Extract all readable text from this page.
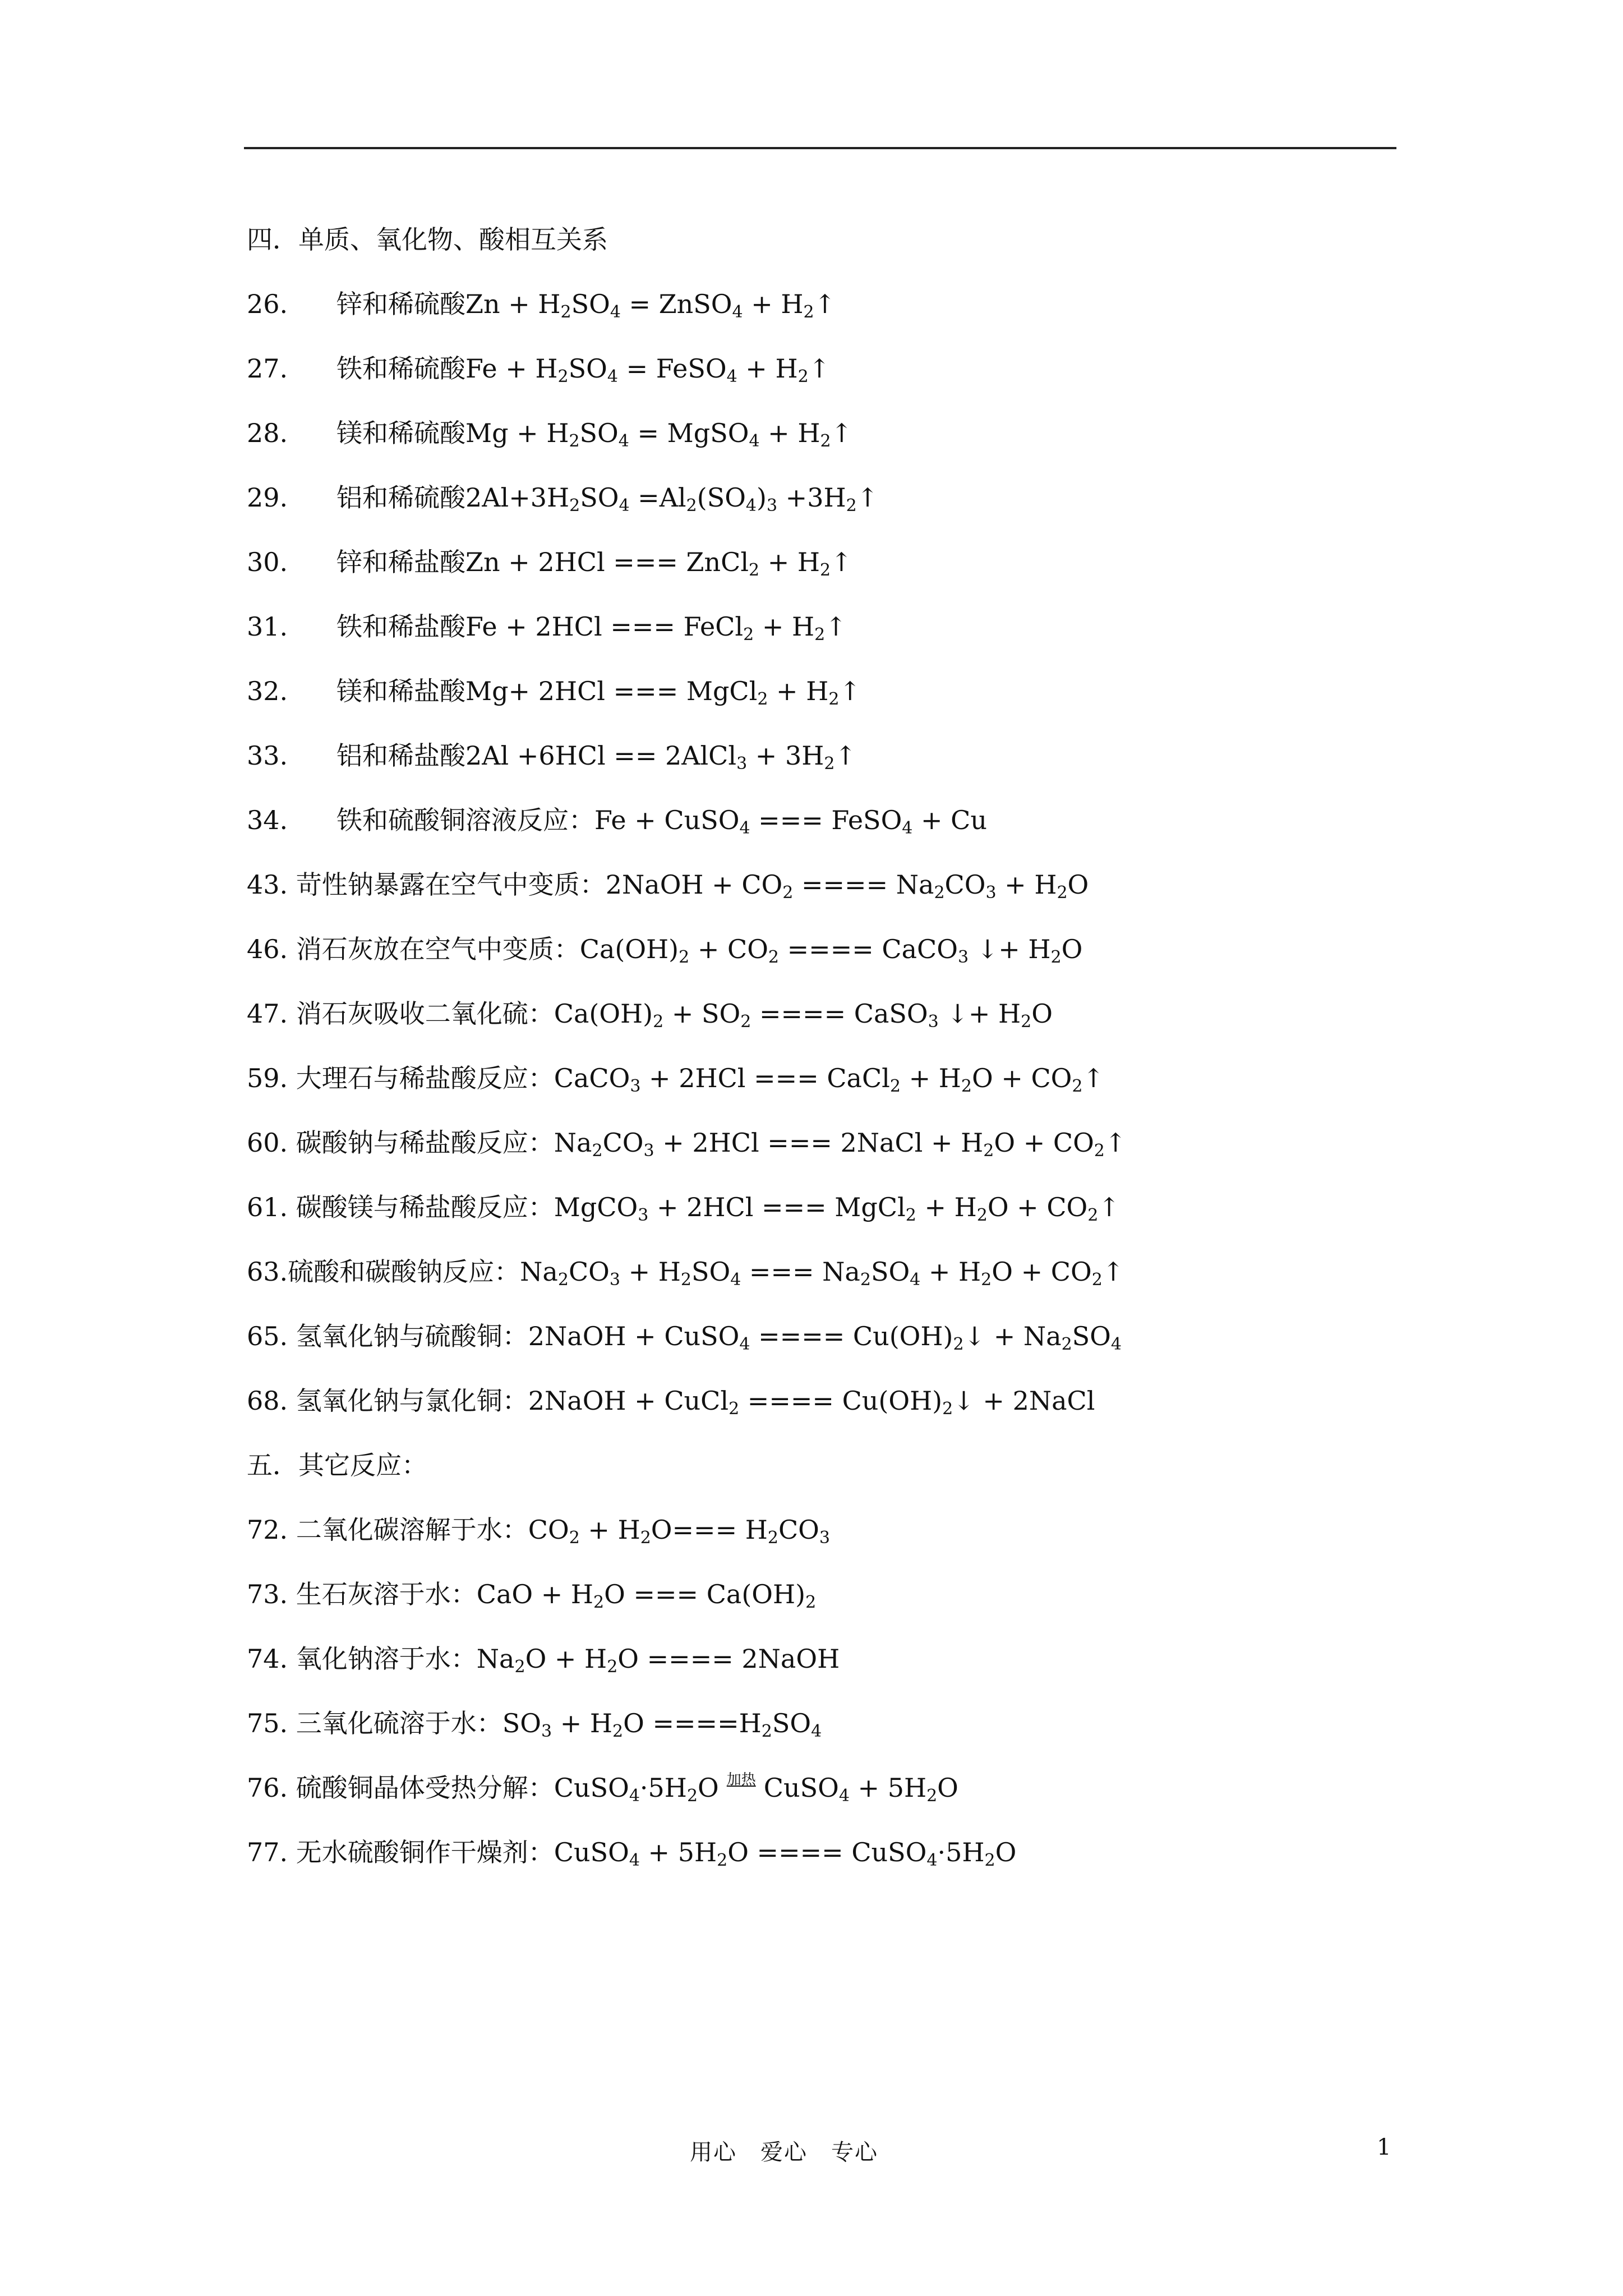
四．单质、氧化物、酸相互关系
26. 锌和稀硫酸$Zn + H_2SO_4$ = ZnSO$_4$ + $H_2↑$
27. 铁和稀硫酸$Fe + H_2SO_4$ = FeSO$_4$ + $H_2↑$
28. 镁和稀硫酸$Mg + H_2SO_4$ = MgSO$_4$ + $H_2↑$
29. 铝和稀硫酸$2Al+3H_2SO_4 =Al_2(SO_4)_3$ $+3H_2↑$
30. 锌和稀盐酸Zn + 2HCl === ZnCl$_2$ + $H_2↑$
31. 铁和稀盐酸Fe + 2HCl === FeCl$_2$ + $H_2↑$
32. 镁和稀盐酸Mg+ 2HCl === MgCl$_2$ + $H_2↑$
33. 铝和稀盐酸2Al +6HCl == 2AlCl$_3$ + $3H_2↑$
34. 铁和硫酸铜溶液反应：Fe + CuSO$_4$ === FeSO$_4$ + Cu
43. 苛性钠暴露在空气中变质：2NaOH + $CO_2$ ==== $Na_2CO_3 + H_2O$
46. 消石灰放在空气中变质：$Ca(OH)_2 + CO_2$ ==== CaCO$_3$ ↓+ $H_2O$
47. 消石灰吸收二氧化硫：$Ca(OH)_2 + SO_2$ ==== CaSO$_3$ ↓+ $H_2O$
59. 大理石与稀盐酸反应：CaCO$_3$ + 2HCl === CaCl$_2$ + $H_2O$ + $CO_2↑$
60. 碳酸钠与稀盐酸反应：$Na_2CO_3 + 2HCl$ === 2NaCl + $H_2O$ + $CO_2↑$
61. 碳酸镁与稀盐酸反应：MgCO$_3$ + 2HCl === MgCl$_2$ + $H_2O$ + $CO_2↑$
63.硫酸和碳酸钠反应：$Na_2CO_3 + H_2SO_4$ === $Na_2SO_4 + H_2O$ + $CO_2↑$
65. 氢氧化钠与硫酸铜：2NaOH + CuSO$_4$ ==== $Cu(OH)_2↓ + Na_2SO_4$
68. 氢氧化钠与氯化铜：2NaOH + CuCl$_2$ ==== $Cu(OH)_2↓$ + 2NaCl
五．其它反应：
72. 二氧化碳溶解于水：$CO_2 + H_2O=== H_2CO_3$
73. 生石灰溶于水：CaO + $H_2O$ === $Ca(OH)_2$
74. 氧化钠溶于水：$Na_2O + H_2O$ ==== 2NaOH
75. 三氧化硫溶于水：$SO_3 + H_2O ====H_2SO_4$
76. 硫酸铜晶体受热分解：$CuSO_4\cdot 5H_2O$ $^{加热}$ CuSO$_4$ + $5H_2O$
77. 无水硫酸铜作干燥剂：CuSO$_4$ + $5H_2O$ ==== $CuSO_4\cdot 5H_2O$
用心　爱心　专心	1
